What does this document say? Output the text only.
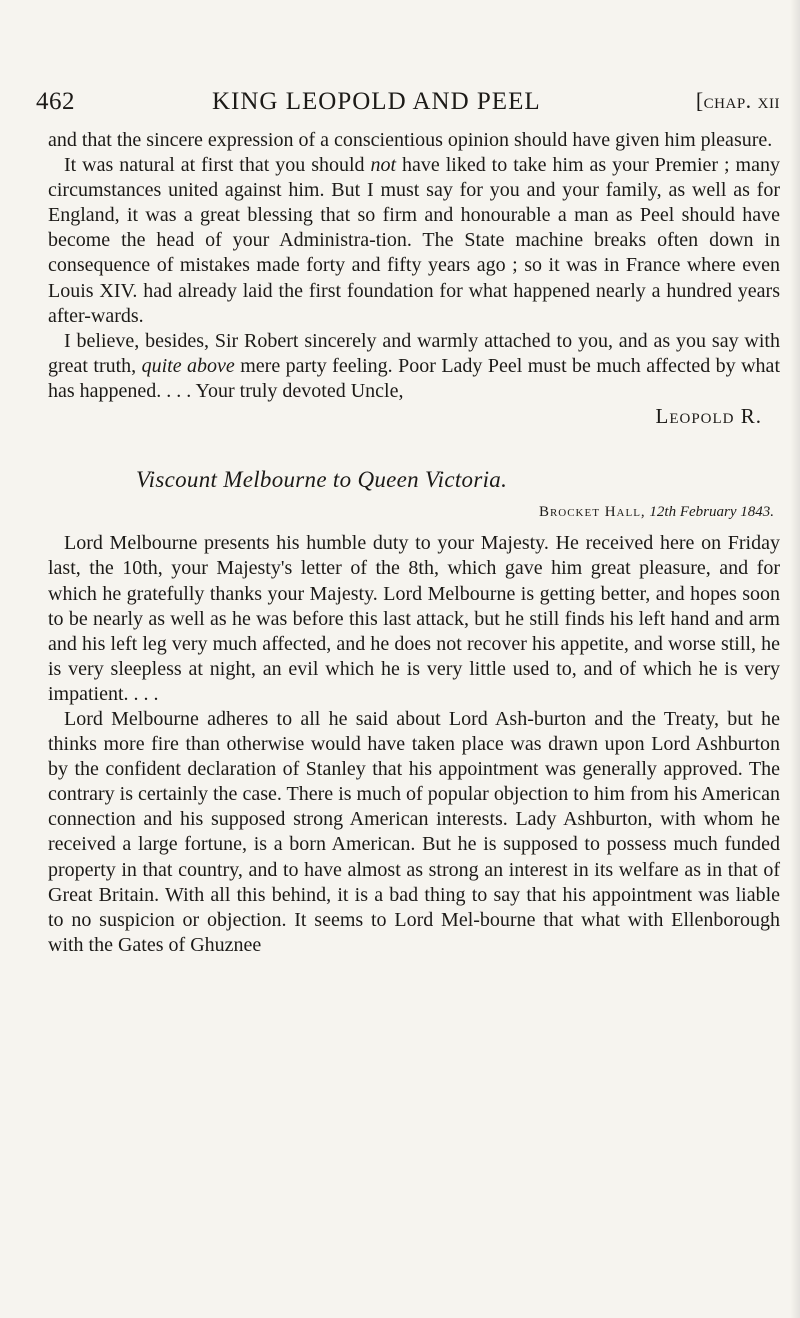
462	KING LEOPOLD AND PEEL	[chap. xii

and that the sincere expression of a conscientious opinion should have given him pleasure.

It was natural at first that you should not have liked to take him as your Premier ; many circumstances united against him. But I must say for you and your family, as well as for England, it was a great blessing that so firm and honourable a man as Peel should have become the head of your Administra-tion. The State machine breaks often down in consequence of mistakes made forty and fifty years ago ; so it was in France where even Louis XIV. had already laid the first foundation for what happened nearly a hundred years after-wards.

I believe, besides, Sir Robert sincerely and warmly attached to you, and as you say with great truth, quite above mere party feeling. Poor Lady Peel must be much affected by what has happened. . . . Your truly devoted Uncle,

Leopold R.

Viscount Melbourne to Queen Victoria.

Brocket Hall, 12th February 1843.

Lord Melbourne presents his humble duty to your Majesty. He received here on Friday last, the 10th, your Majesty's letter of the 8th, which gave him great pleasure, and for which he gratefully thanks your Majesty. Lord Melbourne is getting better, and hopes soon to be nearly as well as he was before this last attack, but he still finds his left hand and arm and his left leg very much affected, and he does not recover his appetite, and worse still, he is very sleepless at night, an evil which he is very little used to, and of which he is very impatient. . . .

Lord Melbourne adheres to all he said about Lord Ash-burton and the Treaty, but he thinks more fire than otherwise would have taken place was drawn upon Lord Ashburton by the confident declaration of Stanley that his appointment was generally approved. The contrary is certainly the case. There is much of popular objection to him from his American connection and his supposed strong American interests. Lady Ashburton, with whom he received a large fortune, is a born American. But he is supposed to possess much funded property in that country, and to have almost as strong an interest in its welfare as in that of Great Britain. With all this behind, it is a bad thing to say that his appointment was liable to no suspicion or objection. It seems to Lord Mel-bourne that what with Ellenborough with the Gates of Ghuznee
